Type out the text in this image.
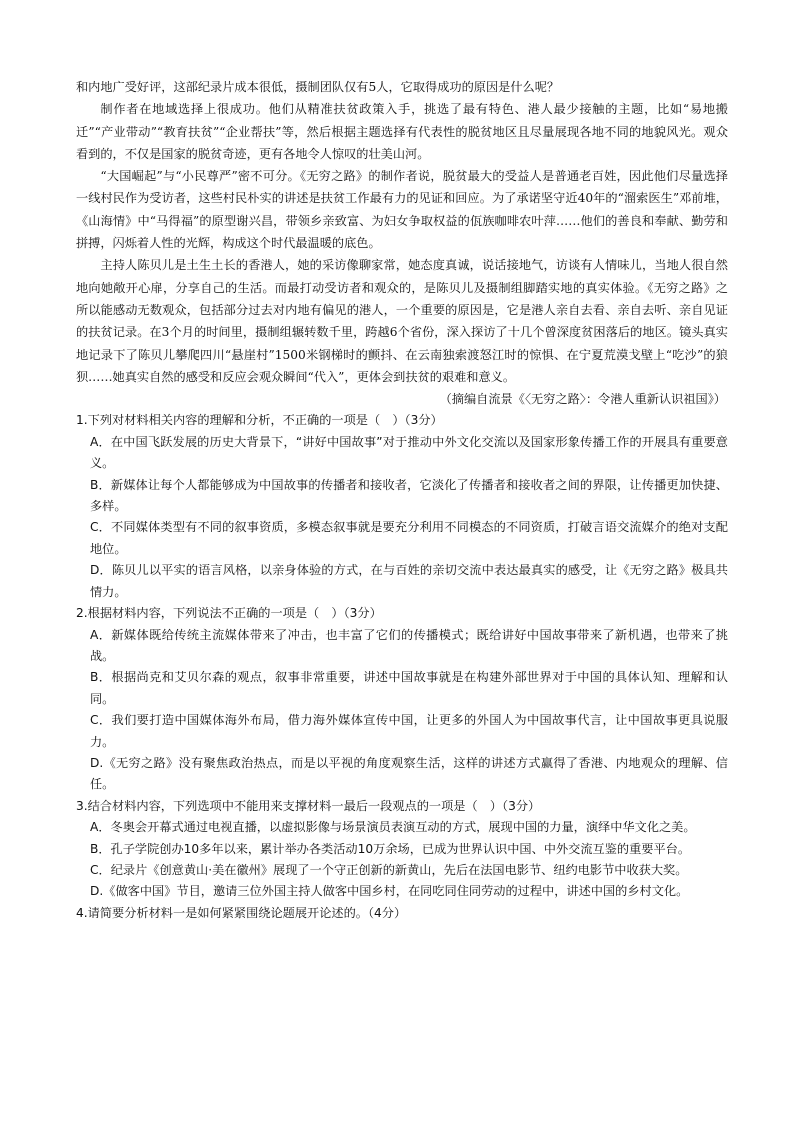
和内地广受好评，这部纪录片成本很低，摄制团队仅有5人，它取得成功的原因是什么呢？

制作者在地域选择上很成功。他们从精准扶贫政策入手，挑选了最有特色、港人最少接触的主题，比如“易地搬迁”“产业带动”“教育扶贫”“企业帮扶”等，然后根据主题选择有代表性的脱贫地区且尽量展现各地不同的地貌风光。观众看到的，不仅是国家的脱贫奇迹，更有各地令人惊叹的壮美山河。

“大国崛起”与“小民尊严”密不可分。《无穷之路》的制作者说，脱贫最大的受益人是普通老百姓，因此他们尽量选择一线村民作为受访者，这些村民朴实的讲述是扶贫工作最有力的见证和回应。为了承诺坚守近40年的“溜索医生”邓前堆，《山海情》中“马得福”的原型谢兴昌，带领乡亲致富、为妇女争取权益的佤族咖啡农叶萍……他们的善良和奉献、勤劳和拼搏，闪烁着人性的光辉，构成这个时代最温暖的底色。

主持人陈贝儿是土生土长的香港人，她的采访像聊家常，她态度真诚，说话接地气，访谈有人情味儿，当地人很自然地向她敞开心扉，分享自己的生活。而最打动受访者和观众的，是陈贝儿及摄制组脚踏实地的真实体验。《无穷之路》之所以能感动无数观众，包括部分过去对内地有偏见的港人，一个重要的原因是，它是港人亲自去看、亲自去听、亲自见证的扶贫记录。在3个月的时间里，摄制组辗转数千里，跨越6个省份，深入探访了十几个曾深度贫困落后的地区。镜头真实地记录下了陈贝儿攀爬四川“悬崖村”1500米钢梯时的颤抖、在云南独索渡怒江时的惊惧、在宁夏荒漠戈壁上“吃沙”的狼狈……她真实自然的感受和反应会观众瞬间“代入”，更体会到扶贫的艰难和意义。

（摘编自流景《〈无穷之路〉：令港人重新认识祖国》）

1.下列对材料相关内容的理解和分析，不正确的一项是（　）（3分）

A．在中国飞跃发展的历史大背景下，“讲好中国故事”对于推动中外文化交流以及国家形象传播工作的开展具有重要意义。

B．新媒体让每个人都能够成为中国故事的传播者和接收者，它淡化了传播者和接收者之间的界限，让传播更加快捷、多样。

C．不同媒体类型有不同的叙事资质，多模态叙事就是要充分利用不同模态的不同资质，打破言语交流媒介的绝对支配地位。

D．陈贝儿以平实的语言风格，以亲身体验的方式，在与百姓的亲切交流中表达最真实的感受，让《无穷之路》极具共情力。

2.根据材料内容，下列说法不正确的一项是（　）（3分）

A．新媒体既给传统主流媒体带来了冲击，也丰富了它们的传播模式；既给讲好中国故事带来了新机遇，也带来了挑战。

B．根据尚克和艾贝尔森的观点，叙事非常重要，讲述中国故事就是在构建外部世界对于中国的具体认知、理解和认同。

C．我们要打造中国媒体海外布局，借力海外媒体宣传中国，让更多的外国人为中国故事代言，让中国故事更具说服力。

D.《无穷之路》没有聚焦政治热点，而是以平视的角度观察生活，这样的讲述方式赢得了香港、内地观众的理解、信任。

3.结合材料内容，下列选项中不能用来支撑材料一最后一段观点的一项是（　）（3分）

A．冬奥会开幕式通过电视直播，以虚拟影像与场景演员表演互动的方式，展现中国的力量，演绎中华文化之美。

B．孔子学院创办10多年以来，累计举办各类活动10万余场，已成为世界认识中国、中外交流互鉴的重要平台。

C．纪录片《创意黄山·美在徽州》展现了一个守正创新的新黄山，先后在法国电影节、纽约电影节中收获大奖。

D.《做客中国》节目，邀请三位外国主持人做客中国乡村，在同吃同住同劳动的过程中，讲述中国的乡村文化。

4.请简要分析材料一是如何紧紧围绕论题展开论述的。（4分）
